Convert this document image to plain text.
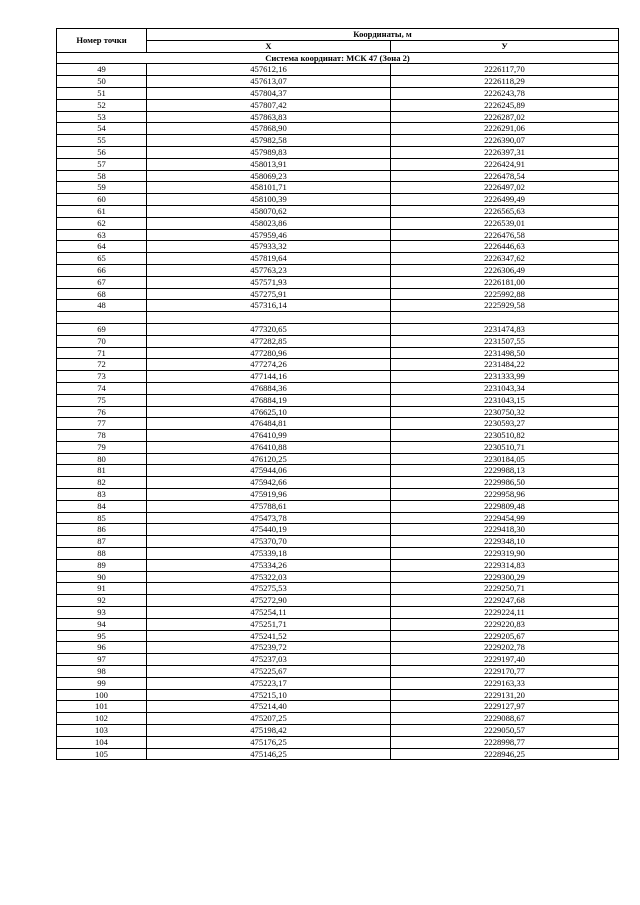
Номер точки	Координаты, м	
	X	У
Система координат: МСК 47 (Зона 2)		
49	457612,16	2226117,70
50	457613,07	2226118,29
51	457804,37	2226243,78
52	457807,42	2226245,89
53	457863,83	2226287,02
54	457868,90	2226291,06
55	457982,58	2226390,07
56	457989,83	2226397,31
57	458013,91	2226424,91
58	458069,23	2226478,54
59	458101,71	2226497,02
60	458100,39	2226499,49
61	458070,62	2226565,63
62	458023,86	2226539,01
63	457959,46	2226476,58
64	457933,32	2226446,63
65	457819,64	2226347,62
66	457763,23	2226306,49
67	457571,93	2226181,00
68	457275,91	2225992,88
48	457316,14	2225929,58

69	477320,65	2231474,83
70	477282,85	2231507,55
71	477280,96	2231498,50
72	477274,26	2231484,22
73	477144,16	2231333,99
74	476884,36	2231043,34
75	476884,19	2231043,15
76	476625,10	2230750,32
77	476484,81	2230593,27
78	476410,99	2230510,82
79	476410,88	2230510,71
80	476120,25	2230184,05
81	475944,06	2229988,13
82	475942,66	2229986,50
83	475919,96	2229958,96
84	475788,61	2229809,48
85	475473,78	2229454,99
86	475440,19	2229418,30
87	475370,70	2229348,10
88	475339,18	2229319,90
89	475334,26	2229314,83
90	475322,03	2229300,29
91	475275,53	2229250,71
92	475272,90	2229247,68
93	475254,11	2229224,11
94	475251,71	2229220,83
95	475241,52	2229205,67
96	475239,72	2229202,78
97	475237,03	2229197,40
98	475225,67	2229170,77
99	475223,17	2229163,33
100	475215,10	2229131,20
101	475214,40	2229127,97
102	475207,25	2229088,67
103	475198,42	2229050,57
104	475176,25	2228998,77
105	475146,25	2228946,25
